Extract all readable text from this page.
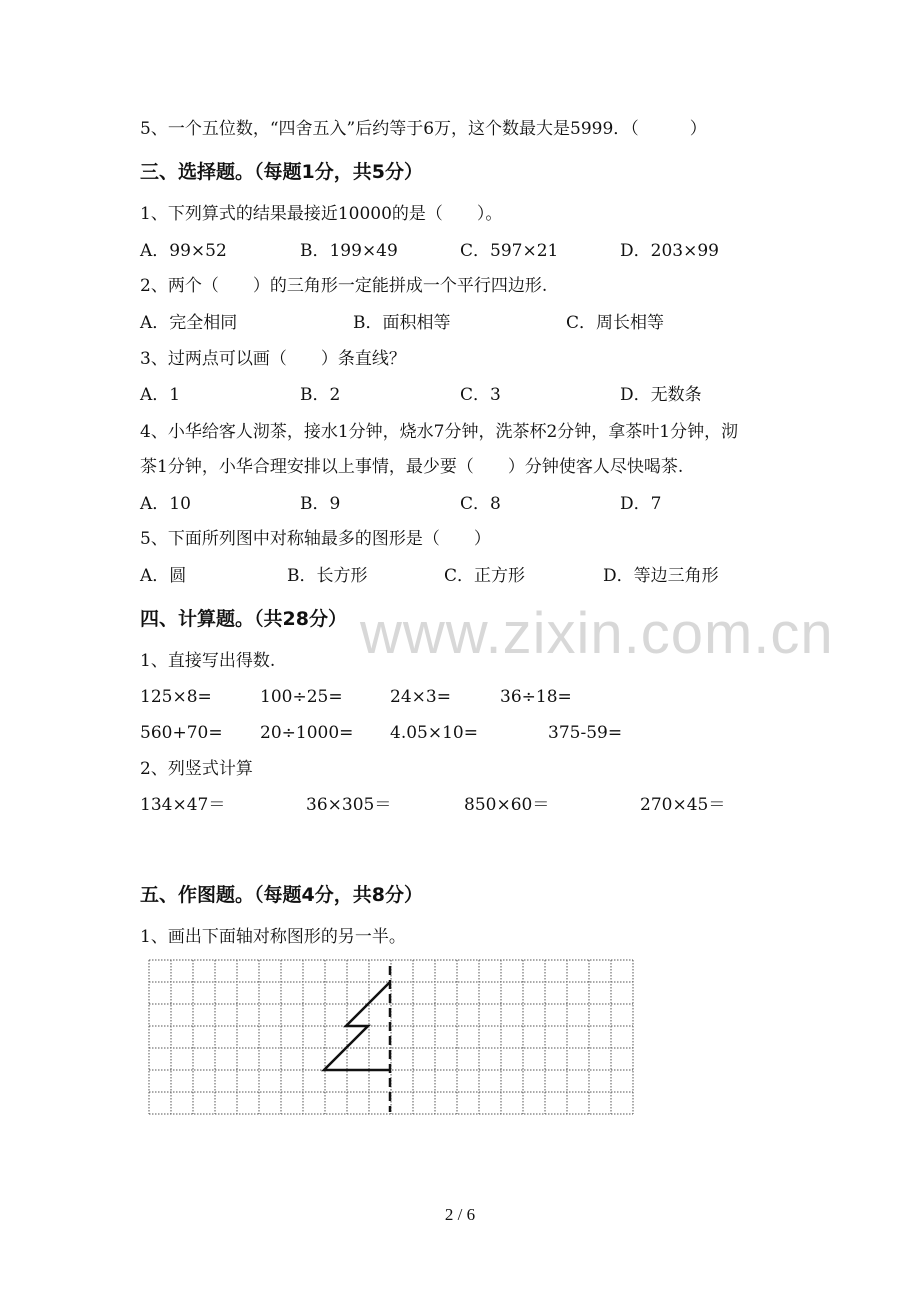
www.zixin.com.cn
5、一个五位数，“四舍五入”后约等于6万，这个数最大是5999．（　　　）
三、选择题。（每题1分，共5分）
1、下列算式的结果最接近10000的是（　　）。
A．99×52	B．199×49	C．597×21	D．203×99
2、两个（　　）的三角形一定能拼成一个平行四边形.
A．完全相同	B．面积相等	C．周长相等
3、过两点可以画（　　）条直线？
A．1	B．2	C．3	D．无数条
4、小华给客人沏茶，接水1分钟，烧水7分钟，洗茶杯2分钟，拿茶叶1分钟，沏
茶1分钟，小华合理安排以上事情，最少要（　　）分钟使客人尽快喝茶.
A．10	B．9	C．8	D．7
5、下面所列图中对称轴最多的图形是（　　）
A．圆	B．长方形	C．正方形	D．等边三角形
四、计算题。（共28分）
1、直接写出得数.
125×8=	100÷25=	24×3=	36÷18=
560+70= 20÷1000= 4.05×10=	375-59=
2、列竖式计算
134×47＝	36×305＝	850×60＝	270×45＝
五、作图题。（每题4分，共8分）
1、画出下面轴对称图形的另一半。
2 / 6
